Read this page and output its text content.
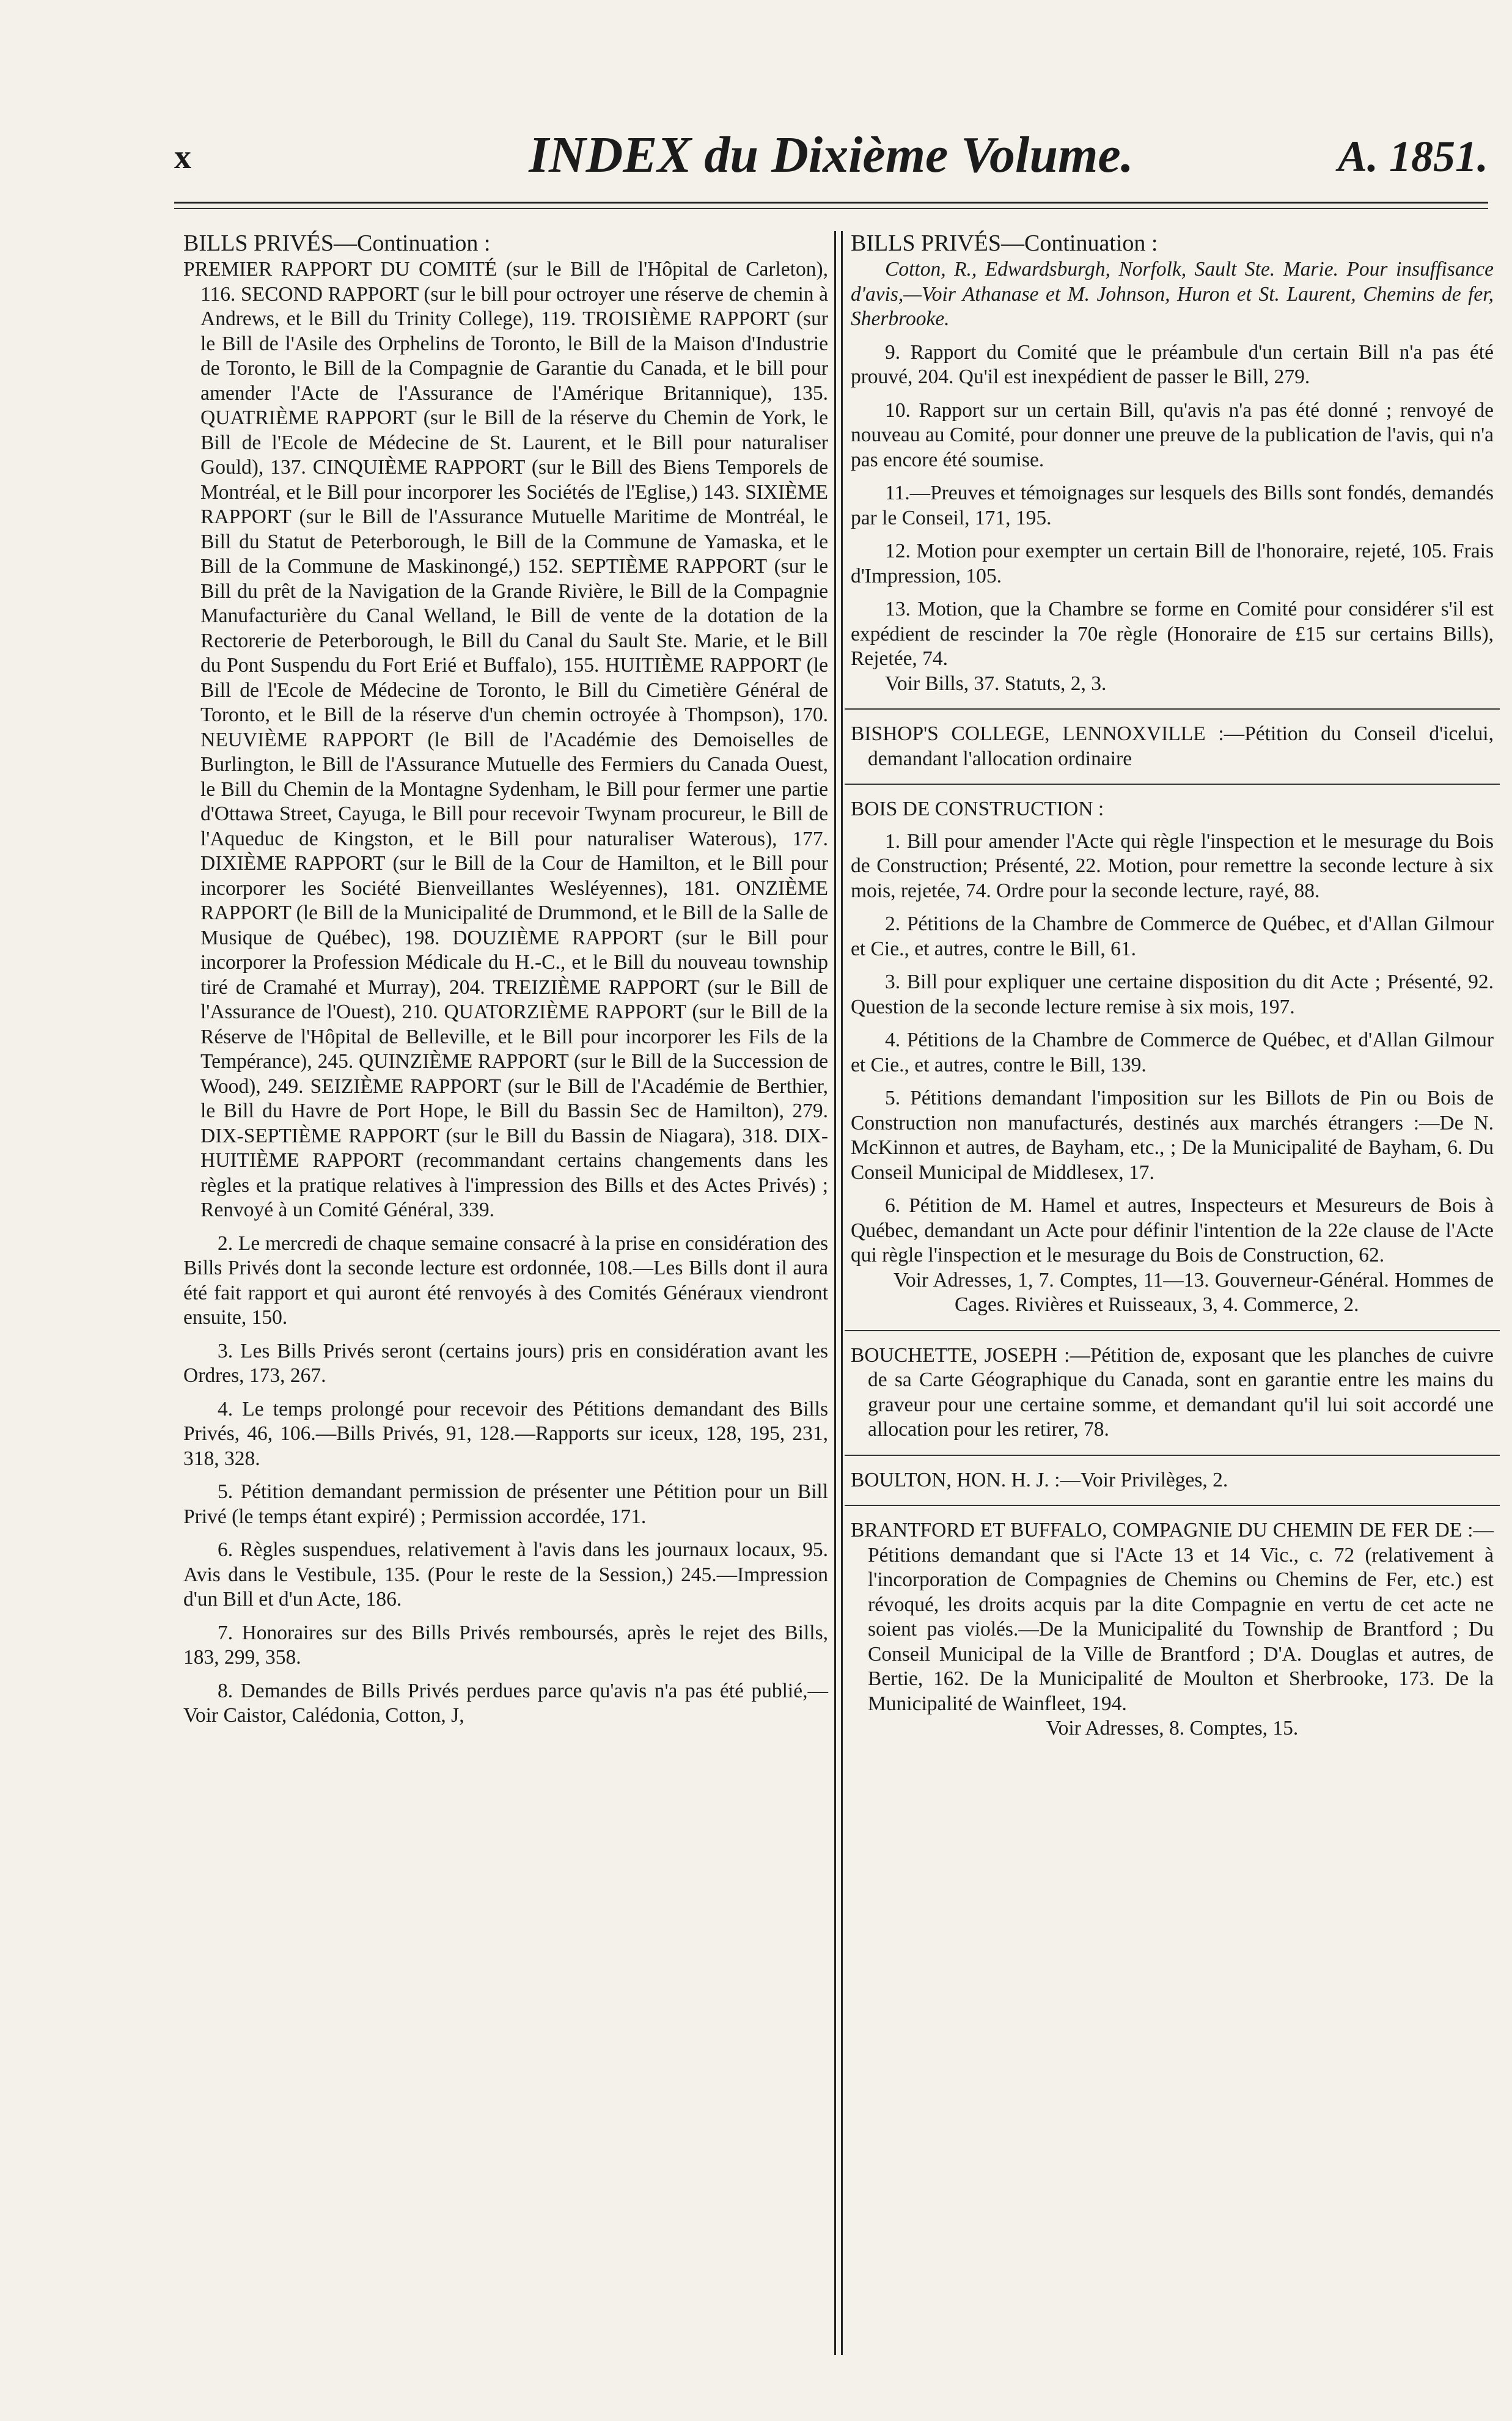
x	INDEX du Dixième Volume.	A. 1851.

BILLS PRIVÉS—Continuation :

PREMIER RAPPORT DU COMITÉ (sur le Bill de l'Hôpital de Carleton), 116. SECOND RAPPORT (sur le bill pour octroyer une réserve de chemin à Andrews, et le Bill du Trinity College), 119. TROISIÈME RAPPORT (sur le Bill de l'Asile des Orphelins de Toronto, le Bill de la Maison d'Industrie de Toronto, le Bill de la Compagnie de Garantie du Canada, et le bill pour amender l'Acte de l'Assurance de l'Amérique Britannique), 135. QUATRIÈME RAPPORT (sur le Bill de la réserve du Chemin de York, le Bill de l'Ecole de Médecine de St. Laurent, et le Bill pour naturaliser Gould), 137. CINQUIÈME RAPPORT (sur le Bill des Biens Temporels de Montréal, et le Bill pour incorporer les Sociétés de l'Eglise,) 143. SIXIÈME RAPPORT (sur le Bill de l'Assurance Mutuelle Maritime de Montréal, le Bill du Statut de Peterborough, le Bill de la Commune de Yamaska, et le Bill de la Commune de Maskinongé,) 152. SEPTIÈME RAPPORT (sur le Bill du prêt de la Navigation de la Grande Rivière, le Bill de la Compagnie Manufacturière du Canal Welland, le Bill de vente de la dotation de la Rectorerie de Peterborough, le Bill du Canal du Sault Ste. Marie, et le Bill du Pont Suspendu du Fort Erié et Buffalo), 155. HUITIÈME RAPPORT (le Bill de l'Ecole de Médecine de Toronto, le Bill du Cimetière Général de Toronto, et le Bill de la réserve d'un chemin octroyée à Thompson), 170. NEUVIÈME RAPPORT (le Bill de l'Académie des Demoiselles de Burlington, le Bill de l'Assurance Mutuelle des Fermiers du Canada Ouest, le Bill du Chemin de la Montagne Sydenham, le Bill pour fermer une partie d'Ottawa Street, Cayuga, le Bill pour recevoir Twynam procureur, le Bill de l'Aqueduc de Kingston, et le Bill pour naturaliser Waterous), 177. DIXIÈME RAPPORT (sur le Bill de la Cour de Hamilton, et le Bill pour incorporer les Société Bienveillantes Wesléyennes), 181. ONZIÈME RAPPORT (le Bill de la Municipalité de Drummond, et le Bill de la Salle de Musique de Québec), 198. DOUZIÈME RAPPORT (sur le Bill pour incorporer la Profession Médicale du H.-C., et le Bill du nouveau township tiré de Cramahé et Murray), 204. TREIZIÈME RAPPORT (sur le Bill de l'Assurance de l'Ouest), 210. QUATORZIÈME RAPPORT (sur le Bill de la Réserve de l'Hôpital de Belleville, et le Bill pour incorporer les Fils de la Tempérance), 245. QUINZIÈME RAPPORT (sur le Bill de la Succession de Wood), 249. SEIZIÈME RAPPORT (sur le Bill de l'Académie de Berthier, le Bill du Havre de Port Hope, le Bill du Bassin Sec de Hamilton), 279. DIX-SEPTIÈME RAPPORT (sur le Bill du Bassin de Niagara), 318. DIX-HUITIÈME RAPPORT (recommandant certains changements dans les règles et la pratique relatives à l'impression des Bills et des Actes Privés) ; Renvoyé à un Comité Général, 339.

2. Le mercredi de chaque semaine consacré à la prise en considération des Bills Privés dont la seconde lecture est ordonnée, 108.—Les Bills dont il aura été fait rapport et qui auront été renvoyés à des Comités Généraux viendront ensuite, 150.

3. Les Bills Privés seront (certains jours) pris en considération avant les Ordres, 173, 267.

4. Le temps prolongé pour recevoir des Pétitions demandant des Bills Privés, 46, 106.—Bills Privés, 91, 128.—Rapports sur iceux, 128, 195, 231, 318, 328.

5. Pétition demandant permission de présenter une Pétition pour un Bill Privé (le temps étant expiré) ; Permission accordée, 171.

6. Règles suspendues, relativement à l'avis dans les journaux locaux, 95. Avis dans le Vestibule, 135. (Pour le reste de la Session,) 245.—Impression d'un Bill et d'un Acte, 186.

7. Honoraires sur des Bills Privés remboursés, après le rejet des Bills, 183, 299, 358.

8. Demandes de Bills Privés perdues parce qu'avis n'a pas été publié,—Voir Caistor, Calédonia, Cotton, J,

BILLS PRIVÉS—Continuation :

Cotton, R., Edwardsburgh, Norfolk, Sault Ste. Marie. Pour insuffisance d'avis,—Voir Athanase et M. Johnson, Huron et St. Laurent, Chemins de fer, Sherbrooke.

9. Rapport du Comité que le préambule d'un certain Bill n'a pas été prouvé, 204. Qu'il est inexpédient de passer le Bill, 279.

10. Rapport sur un certain Bill, qu'avis n'a pas été donné ; renvoyé de nouveau au Comité, pour donner une preuve de la publication de l'avis, qui n'a pas encore été soumise.

11.—Preuves et témoignages sur lesquels des Bills sont fondés, demandés par le Conseil, 171, 195.

12. Motion pour exempter un certain Bill de l'honoraire, rejeté, 105. Frais d'Impression, 105.

13. Motion, que la Chambre se forme en Comité pour considérer s'il est expédient de rescinder la 70e règle (Honoraire de £15 sur certains Bills), Rejetée, 74.

Voir Bills, 37. Statuts, 2, 3.

BISHOP'S COLLEGE, LENNOXVILLE :—Pétition du Conseil d'icelui, demandant l'allocation ordinaire

BOIS DE CONSTRUCTION :

1. Bill pour amender l'Acte qui règle l'inspection et le mesurage du Bois de Construction; Présenté, 22. Motion, pour remettre la seconde lecture à six mois, rejetée, 74. Ordre pour la seconde lecture, rayé, 88.

2. Pétitions de la Chambre de Commerce de Québec, et d'Allan Gilmour et Cie., et autres, contre le Bill, 61.

3. Bill pour expliquer une certaine disposition du dit Acte ; Présenté, 92. Question de la seconde lecture remise à six mois, 197.

4. Pétitions de la Chambre de Commerce de Québec, et d'Allan Gilmour et Cie., et autres, contre le Bill, 139.

5. Pétitions demandant l'imposition sur les Billots de Pin ou Bois de Construction non manufacturés, destinés aux marchés étrangers :—De N. McKinnon et autres, de Bayham, etc., ; De la Municipalité de Bayham, 6. Du Conseil Municipal de Middlesex, 17.

6. Pétition de M. Hamel et autres, Inspecteurs et Mesureurs de Bois à Québec, demandant un Acte pour définir l'intention de la 22e clause de l'Acte qui règle l'inspection et le mesurage du Bois de Construction, 62.

Voir Adresses, 1, 7. Comptes, 11—13. Gouverneur-Général. Hommes de Cages. Rivières et Ruisseaux, 3, 4. Commerce, 2.

BOUCHETTE, JOSEPH :—Pétition de, exposant que les planches de cuivre de sa Carte Géographique du Canada, sont en garantie entre les mains du graveur pour une certaine somme, et demandant qu'il lui soit accordé une allocation pour les retirer, 78.

BOULTON, HON. H. J. :—Voir Privilèges, 2.

BRANTFORD ET BUFFALO, COMPAGNIE DU CHEMIN DE FER DE :—Pétitions demandant que si l'Acte 13 et 14 Vic., c. 72 (relativement à l'incorporation de Compagnies de Chemins ou Chemins de Fer, etc.) est révoqué, les droits acquis par la dite Compagnie en vertu de cet acte ne soient pas violés.—De la Municipalité du Township de Brantford ; Du Conseil Municipal de la Ville de Brantford ; D'A. Douglas et autres, de Bertie, 162. De la Municipalité de Moulton et Sherbrooke, 173. De la Municipalité de Wainfleet, 194.

Voir Adresses, 8. Comptes, 15.
